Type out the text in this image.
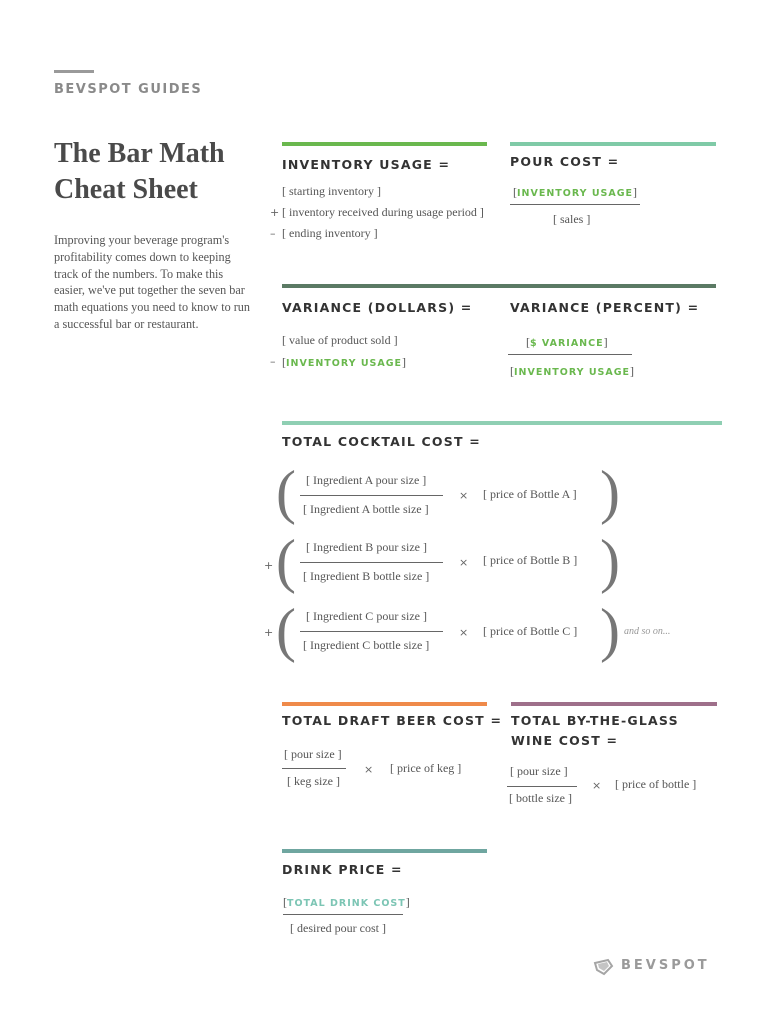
BEVSPOT GUIDES
The Bar Math
Cheat Sheet
Improving your beverage program's profitability comes down to keeping track of the numbers. To make this easier, we've put together the seven bar math equations you need to know to run a successful bar or restaurant.
INVENTORY USAGE =
[ starting inventory ]
+ [ inventory received during usage period ]
– [ ending inventory ]
POUR COST =
[INVENTORY USAGE]
[ sales ]
VARIANCE (DOLLARS) =
[ value of product sold ]
– [INVENTORY USAGE]
VARIANCE (PERCENT) =
[$ VARIANCE]
[INVENTORY USAGE]
TOTAL COCKTAIL COST =
( [ Ingredient A pour size ]
[ Ingredient A bottle size ]
× [ price of Bottle A ] )
+ ( [ Ingredient B pour size ]
[ Ingredient B bottle size ]
× [ price of Bottle B ] )
+ ( [ Ingredient C pour size ]
[ Ingredient C bottle size ]
× [ price of Bottle C ] ) and so on...
TOTAL DRAFT BEER COST =
[ pour size ]
[ keg size ]
× [ price of keg ]
TOTAL BY-THE-GLASS
WINE COST =
[ pour size ]
[ bottle size ]
× [ price of bottle ]
DRINK PRICE =
[TOTAL DRINK COST]
[ desired pour cost ]
BEVSPOT
